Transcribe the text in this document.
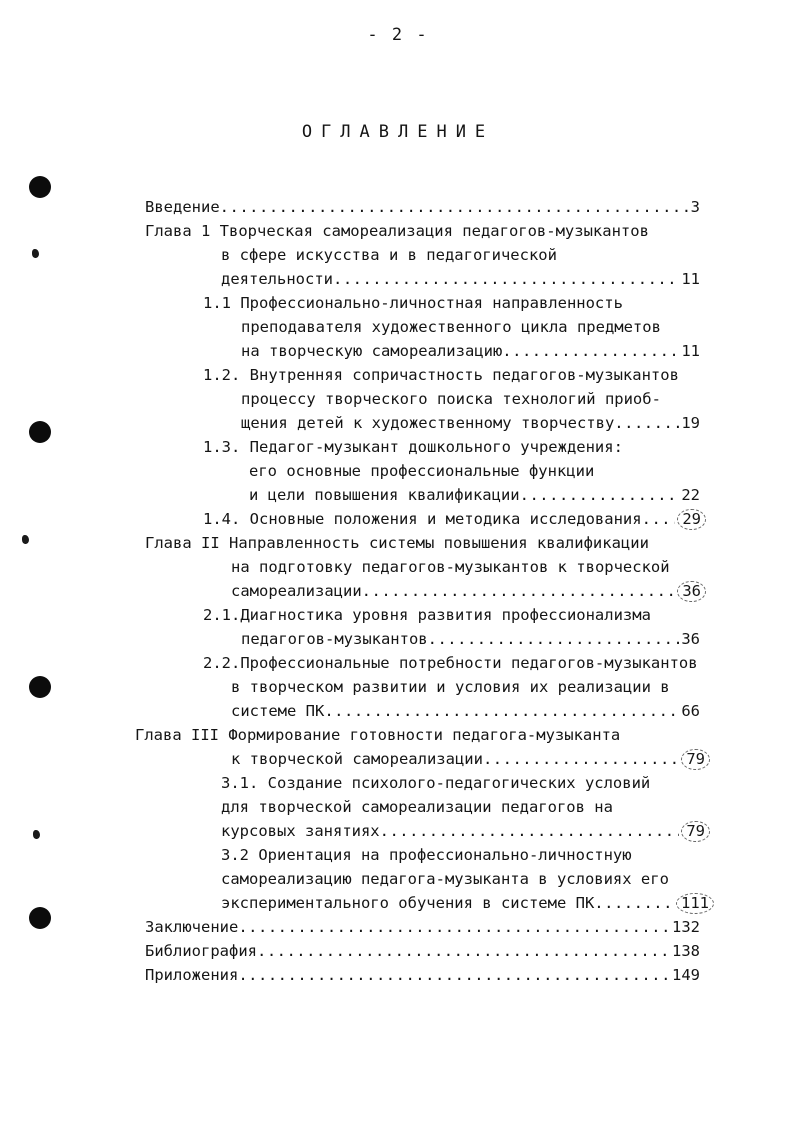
- 2 -
ОГЛАВЛЕНИЕ
Введение .....	3
Глава 1 Творческая самореализация педагогов-музыкантов
в сфере искусства и в педагогической
деятельности .....	11
1.1 Профессионально-личностная направленность
преподавателя художественного цикла предметов
на творческую самореализацию .....	11
1.2. Внутренняя сопричастность педагогов-музыкантов
процессу творческого поиска технологий приоб-
щения детей к художественному творчеству .....	19
1.3. Педагог-музыкант дошкольного учреждения:
его основные профессиональные функции
и цели повышения квалификации .....	22
1.4. Основные положения и методика исследования .....	29
Глава II Направленность системы повышения квалификации
на подготовку педагогов-музыкантов к творческой
самореализации .....	36
2.1.Диагностика уровня развития профессионализма
педагогов-музыкантов .....	36
2.2.Профессиональные потребности педагогов-музыкантов
в творческом развитии и условия их реализации в
системе ПК .....	66
Глава III Формирование готовности педагога-музыканта
к творческой самореализации .....	79
3.1. Создание психолого-педагогических условий
для творческой самореализации педагогов на
курсовых занятиях .....	79
3.2 Ориентация на профессионально-личностную
самореализацию педагога-музыканта в условиях его
экспериментального обучения в системе ПК .....	111
Заключение .....	132
Библиография .....	138
Приложения .....	149
